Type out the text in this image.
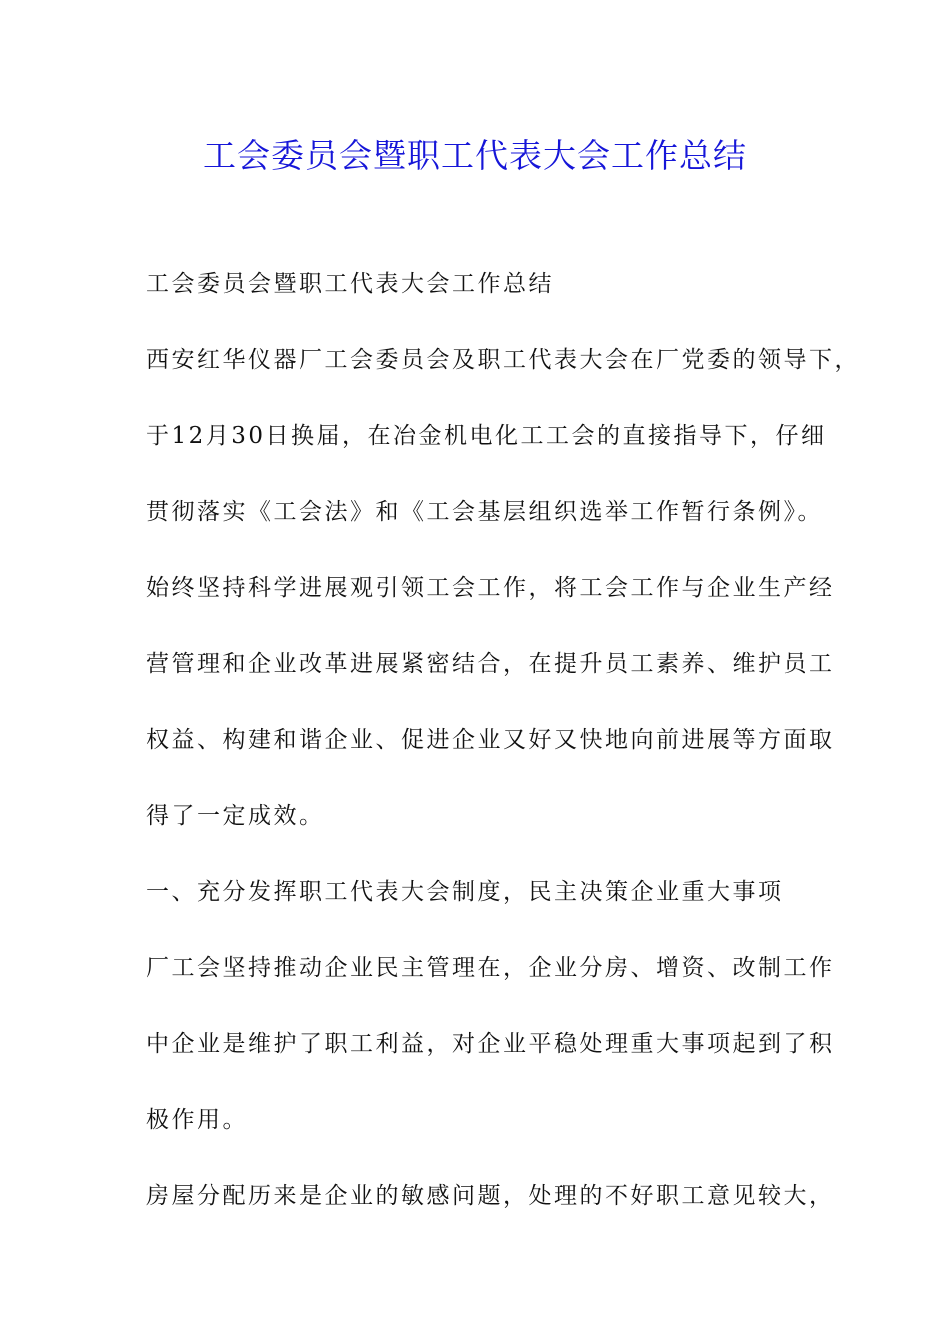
工会委员会暨职工代表大会工作总结
工会委员会暨职工代表大会工作总结
西安红华仪器厂工会委员会及职工代表大会在厂党委的领导下，
于12月30日换届，在冶金机电化工工会的直接指导下，仔细
贯彻落实《工会法》和《工会基层组织选举工作暂行条例》。
始终坚持科学进展观引领工会工作，将工会工作与企业生产经
营管理和企业改革进展紧密结合，在提升员工素养、维护员工
权益、构建和谐企业、促进企业又好又快地向前进展等方面取
得了一定成效。
一、充分发挥职工代表大会制度，民主决策企业重大事项
厂工会坚持推动企业民主管理在，企业分房、增资、改制工作
中企业是维护了职工利益，对企业平稳处理重大事项起到了积
极作用。
房屋分配历来是企业的敏感问题，处理的不好职工意见较大，
